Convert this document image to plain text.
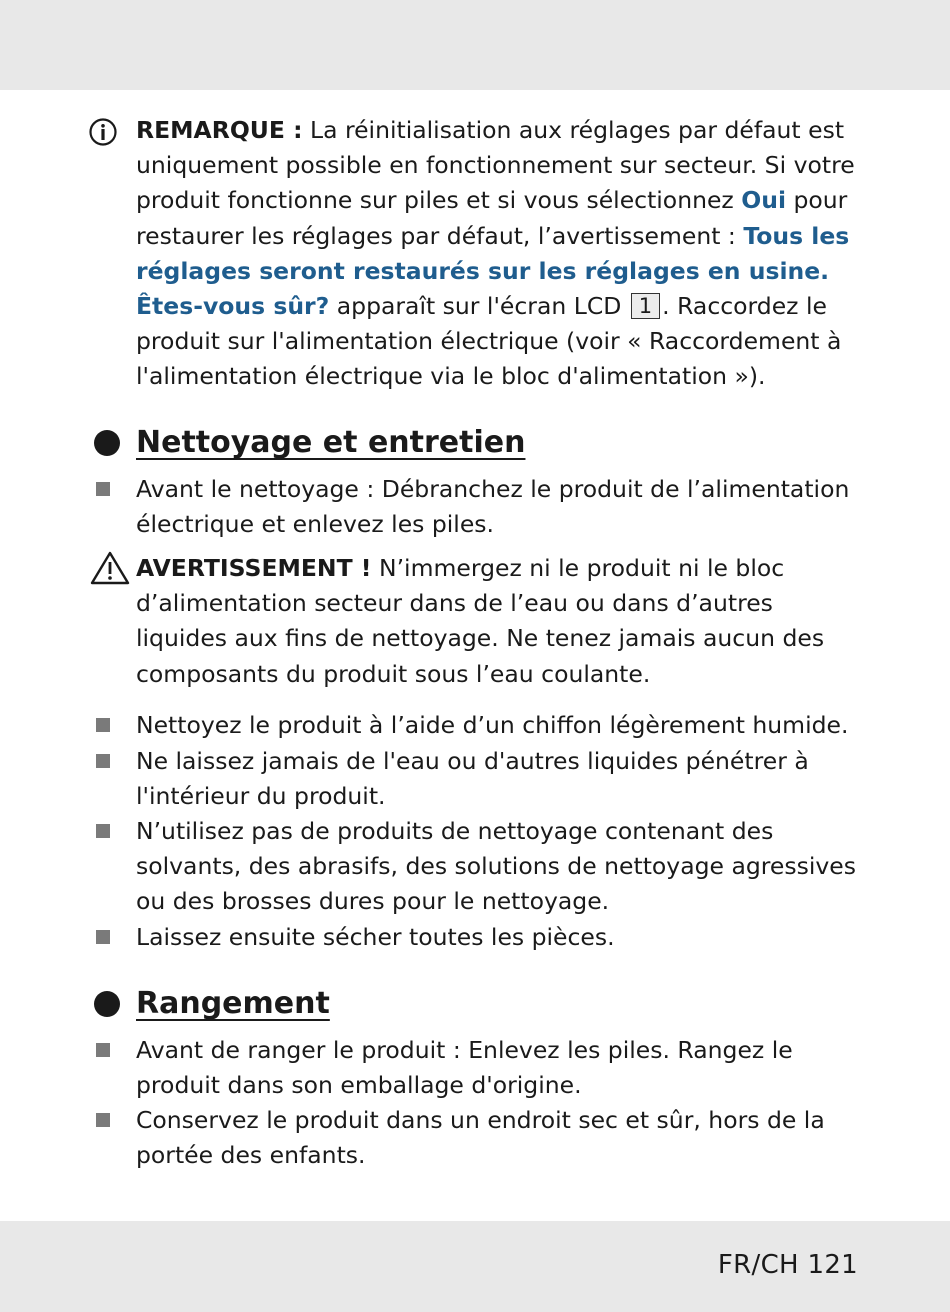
REMARQUE : La réinitialisation aux réglages par défaut est uniquement possible en fonctionnement sur secteur. Si votre produit fonctionne sur piles et si vous sélectionnez Oui pour restaurer les réglages par défaut, l’avertissement : Tous les réglages seront restaurés sur les réglages en usine. Êtes-vous sûr? apparaît sur l'écran LCD 1 . Raccordez le produit sur l'alimentation électrique (voir « Raccordement à l'alimentation électrique via le bloc d'alimentation »).
Nettoyage et entretien
Avant le nettoyage : Débranchez le produit de l’alimentation électrique et enlevez les piles.
AVERTISSEMENT ! N’immergez ni le produit ni le bloc d’alimentation secteur dans de l’eau ou dans d’autres liquides aux fins de nettoyage. Ne tenez jamais aucun des composants du produit sous l’eau coulante.
Nettoyez le produit à l’aide d’un chiffon légèrement humide.
Ne laissez jamais de l'eau ou d'autres liquides pénétrer à l'intérieur du produit.
N’utilisez pas de produits de nettoyage contenant des solvants, des abrasifs, des solutions de nettoyage agressives ou des brosses dures pour le nettoyage.
Laissez ensuite sécher toutes les pièces.
Rangement
Avant de ranger le produit : Enlevez les piles. Rangez le produit dans son emballage d'origine.
Conservez le produit dans un endroit sec et sûr, hors de la portée des enfants.
FR/CH 121
